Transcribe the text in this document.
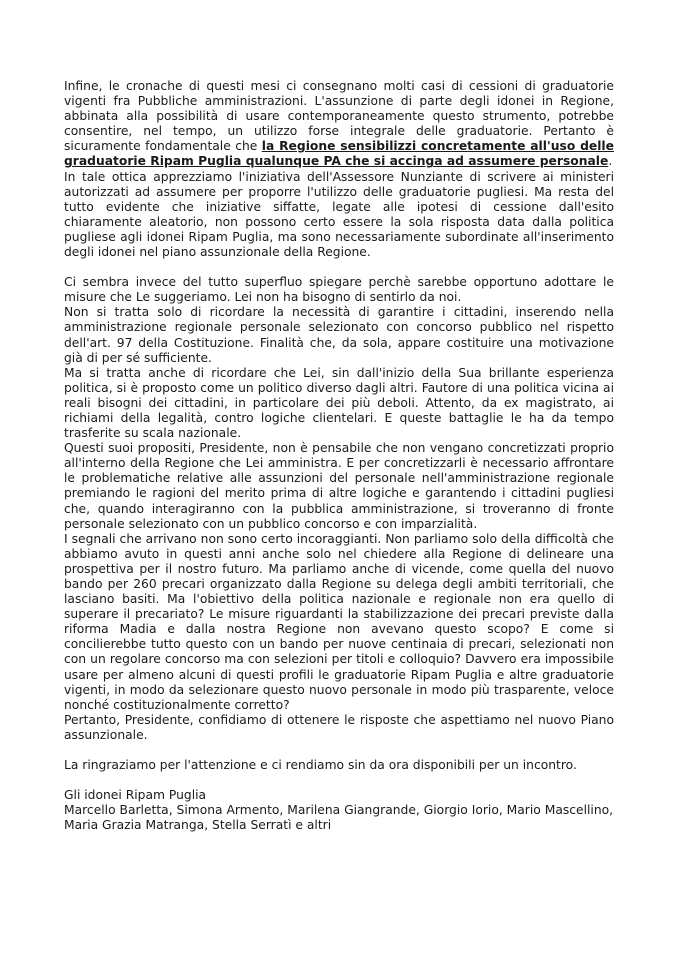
Infine, le cronache di questi mesi ci consegnano molti casi di cessioni di graduatorie vigenti fra Pubbliche amministrazioni. L'assunzione di parte degli idonei in Regione, abbinata alla possibilità di usare contemporaneamente questo strumento, potrebbe consentire, nel tempo, un utilizzo forse integrale delle graduatorie. Pertanto è sicuramente fondamentale che la Regione sensibilizzi concretamente all'uso delle graduatorie Ripam Puglia qualunque PA che si accinga ad assumere personale.

In tale ottica apprezziamo l'iniziativa dell'Assessore Nunziante di scrivere ai ministeri autorizzati ad assumere per proporre l'utilizzo delle graduatorie pugliesi. Ma resta del tutto evidente che iniziative siffatte, legate alle ipotesi di cessione dall'esito chiaramente aleatorio, non possono certo essere la sola risposta data dalla politica pugliese agli idonei Ripam Puglia, ma sono necessariamente subordinate all'inserimento degli idonei nel piano assunzionale della Regione.

Ci sembra invece del tutto superfluo spiegare perchè sarebbe opportuno adottare le misure che Le suggeriamo. Lei non ha bisogno di sentirlo da noi.

Non si tratta solo di ricordare la necessità di garantire i cittadini, inserendo nella amministrazione regionale personale selezionato con concorso pubblico nel rispetto dell'art. 97 della Costituzione. Finalità che, da sola, appare costituire una motivazione già di per sé sufficiente.

Ma si tratta anche di ricordare che Lei, sin dall'inizio della Sua brillante esperienza politica, si è proposto come un politico diverso dagli altri. Fautore di una politica vicina ai reali bisogni dei cittadini, in particolare dei più deboli. Attento, da ex magistrato, ai richiami della legalità, contro logiche clientelari. E queste battaglie le ha da tempo trasferite su scala nazionale.

Questi suoi propositi, Presidente, non è pensabile che non vengano concretizzati proprio all'interno della Regione che Lei amministra. E per concretizzarli è necessario affrontare le problematiche relative alle assunzioni del personale nell'amministrazione regionale premiando le ragioni del merito prima di altre logiche e garantendo i cittadini pugliesi che, quando interagiranno con la pubblica amministrazione, si troveranno di fronte personale selezionato con un pubblico concorso e con imparzialità.

I segnali che arrivano non sono certo incoraggianti. Non parliamo solo della difficoltà che abbiamo avuto in questi anni anche solo nel chiedere alla Regione di delineare una prospettiva per il nostro futuro. Ma parliamo anche di vicende, come quella del nuovo bando per 260 precari organizzato dalla Regione su delega degli ambiti territoriali, che lasciano basiti. Ma l'obiettivo della politica nazionale e regionale non era quello di superare il precariato? Le misure riguardanti la stabilizzazione dei precari previste dalla riforma Madia e dalla nostra Regione non avevano questo scopo? E come si concilierebbe tutto questo con un bando per nuove centinaia di precari, selezionati non con un regolare concorso ma con selezioni per titoli e colloquio? Davvero era impossibile usare per almeno alcuni di questi profili le graduatorie Ripam Puglia e altre graduatorie vigenti, in modo da selezionare questo nuovo personale in modo più trasparente, veloce nonché costituzionalmente corretto?

Pertanto, Presidente, confidiamo di ottenere le risposte che aspettiamo nel nuovo Piano assunzionale.

La ringraziamo per l'attenzione e ci rendiamo sin da ora disponibili per un incontro.

Gli idonei Ripam Puglia

Marcello Barletta, Simona Armento, Marilena Giangrande, Giorgio Iorio, Mario Mascellino, Maria Grazia Matranga, Stella Serratì e altri
